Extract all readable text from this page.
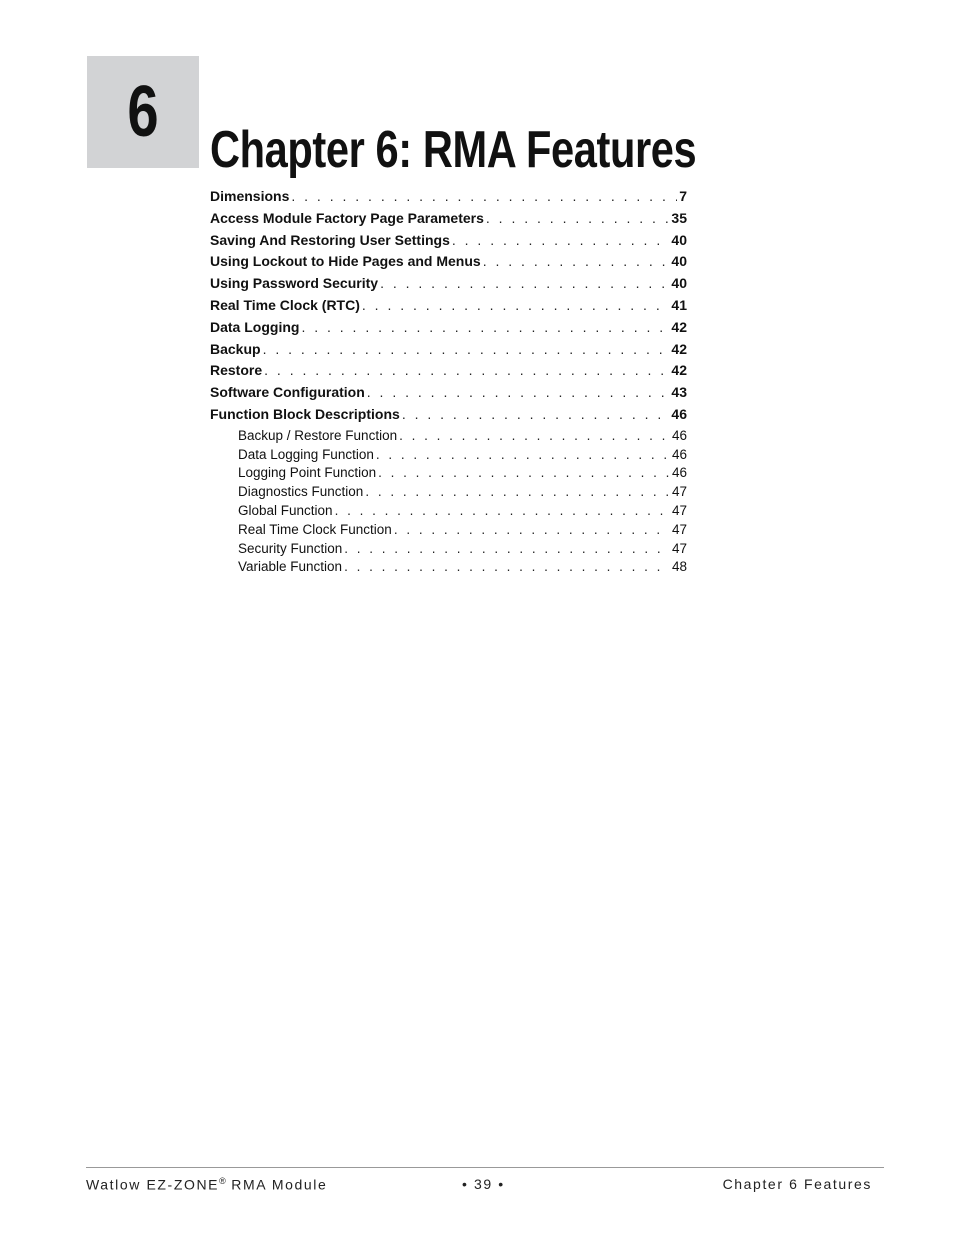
6 Chapter 6: RMA Features
Dimensions . . .	7
Access Module Factory Page Parameters . . .	35
Saving And Restoring User Settings . . .	40
Using Lockout to Hide Pages and Menus . . .	40
Using Password Security . . .	40
Real Time Clock (RTC) . . .	41
Data Logging . . .	42
Backup . . .	42
Restore . . .	42
Software Configuration . . .	43
Function Block Descriptions . . .	46
Backup / Restore Function . . .	46
Data Logging Function . . .	46
Logging Point Function . . .	46
Diagnostics Function . . .	47
Global Function . . .	47
Real Time Clock Function . . .	47
Security Function . . .	47
Variable Function . . .	48
Watlow EZ-ZONE® RMA Module	• 39 •	Chapter 6 Features
